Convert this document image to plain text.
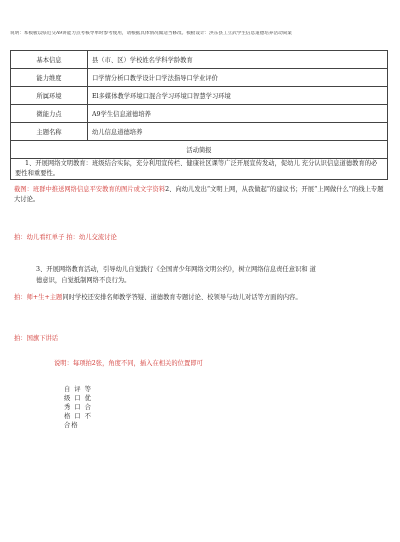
说明：本模板以県近交A9讲能力点考核导单时参考使用，请根据具体情况做适当修改。模板设计：洪东县工立武学生信息道德培养活动简案
基本信息	县（市、区）学校姓名学科学龄教育
能力维度	口学情分析口教学设计口学法指导口学业评价
所属环境	El多媒体教学环境口混合学习环境口智慧学习环境
微能力点	A9学生信息道德培养
主题名称	幼儿信息道德培养
活动简报	

1、开展网络文明教育：班级结合实际，充分利用宣传栏、健康社区课等广泛开展宣传发动，促幼儿 充分认识信息道德教育的必要性和重要性。	
截图：班群中推送网络信息平安教育的图片或文字资料2、向幼儿发出“文明上网，从我做起”的建议书；开展“上网做什么”的线上专题大讨论。
拍：幼儿看红单子 拍：幼儿交流讨论
3、开展网络教育活动，引导幼儿自觉践行《全国青少年网络文明公约》，树立网络信息责任意识和 道
德意识，自觉抵制网络不良行为。
拍：师+生+主题同时学校还安排名师教学答疑、道德教育专题讨论、校领导与幼儿对话等方面的内容。
拍：国旗下讲话
说明：每项拍2张，角度不同，插入在相关的位置即可
自 评 等
级 口 优
秀 口 合
格 口 不
合格
